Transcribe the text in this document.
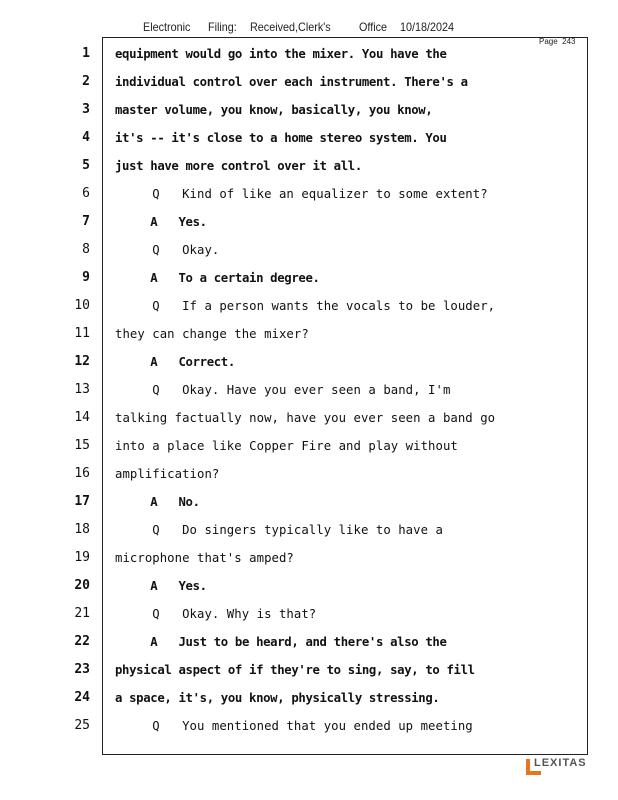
Electronic Filing: Received,Clerk's Office 10/18/2024
Page 243
1 equipment would go into the mixer. You have the
2 individual control over each instrument. There's a
3 master volume, you know, basically, you know,
4 it's -- it's close to a home stereo system. You
5 just have more control over it all.
6 Q   Kind of like an equalizer to some extent?
7 A   Yes.
8 Q   Okay.
9 A   To a certain degree.
10 Q   If a person wants the vocals to be louder,
11 they can change the mixer?
12 A   Correct.
13 Q   Okay. Have you ever seen a band, I'm
14 talking factually now, have you ever seen a band go
15 into a place like Copper Fire and play without
16 amplification?
17 A   No.
18 Q   Do singers typically like to have a
19 microphone that's amped?
20 A   Yes.
21 Q   Okay. Why is that?
22 A   Just to be heard, and there's also the
23 physical aspect of if they're to sing, say, to fill
24 a space, it's, you know, physically stressing.
25 Q   You mentioned that you ended up meeting
LEXITAS
